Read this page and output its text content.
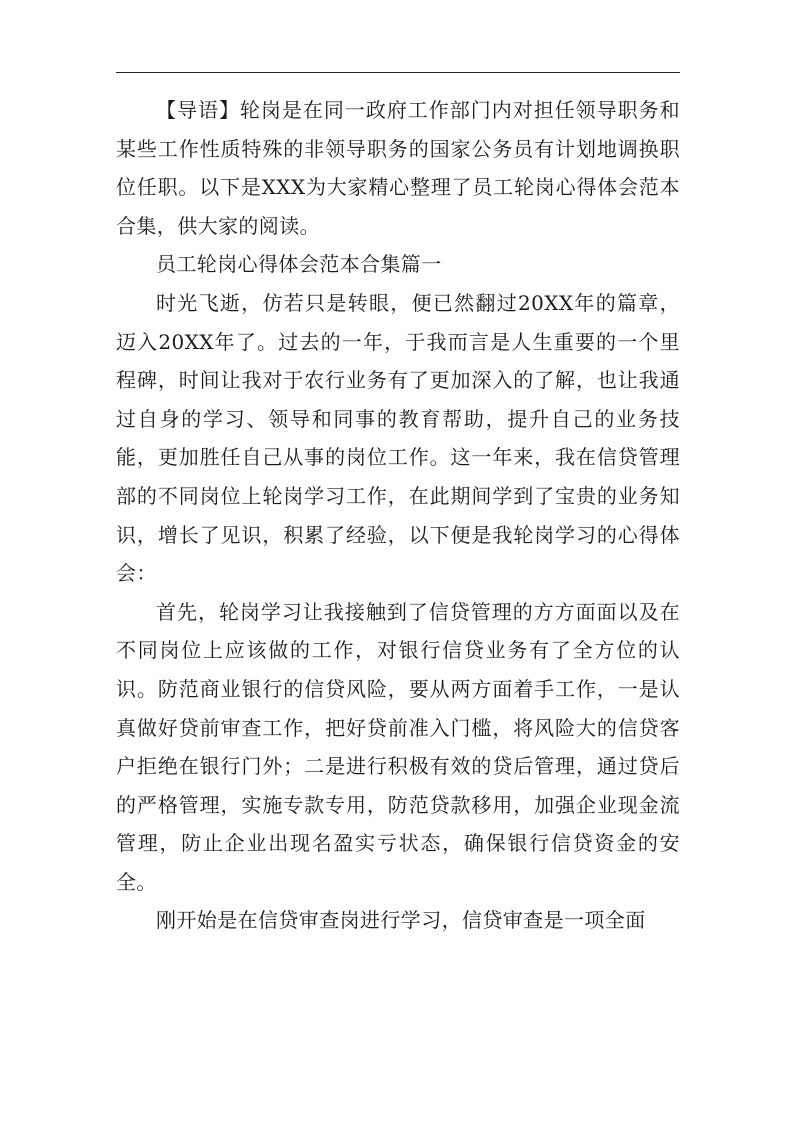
【导语】轮岗是在同一政府工作部门内对担任领导职务和某些工作性质特殊的非领导职务的国家公务员有计划地调换职位任职。以下是XXX为大家精心整理了员工轮岗心得体会范本合集，供大家的阅读。

员工轮岗心得体会范本合集篇一

时光飞逝，仿若只是转眼，便已然翻过20XX年的篇章，迈入20XX年了。过去的一年，于我而言是人生重要的一个里程碑，时间让我对于农行业务有了更加深入的了解，也让我通过自身的学习、领导和同事的教育帮助，提升自己的业务技能，更加胜任自己从事的岗位工作。这一年来，我在信贷管理部的不同岗位上轮岗学习工作，在此期间学到了宝贵的业务知识，增长了见识，积累了经验，以下便是我轮岗学习的心得体会：

首先，轮岗学习让我接触到了信贷管理的方方面面以及在不同岗位上应该做的工作，对银行信贷业务有了全方位的认识。防范商业银行的信贷风险，要从两方面着手工作，一是认真做好贷前审查工作，把好贷前准入门槛，将风险大的信贷客户拒绝在银行门外；二是进行积极有效的贷后管理，通过贷后的严格管理，实施专款专用，防范贷款移用，加强企业现金流管理，防止企业出现名盈实亏状态，确保银行信贷资金的安全。

刚开始是在信贷审查岗进行学习，信贷审查是一项全面
